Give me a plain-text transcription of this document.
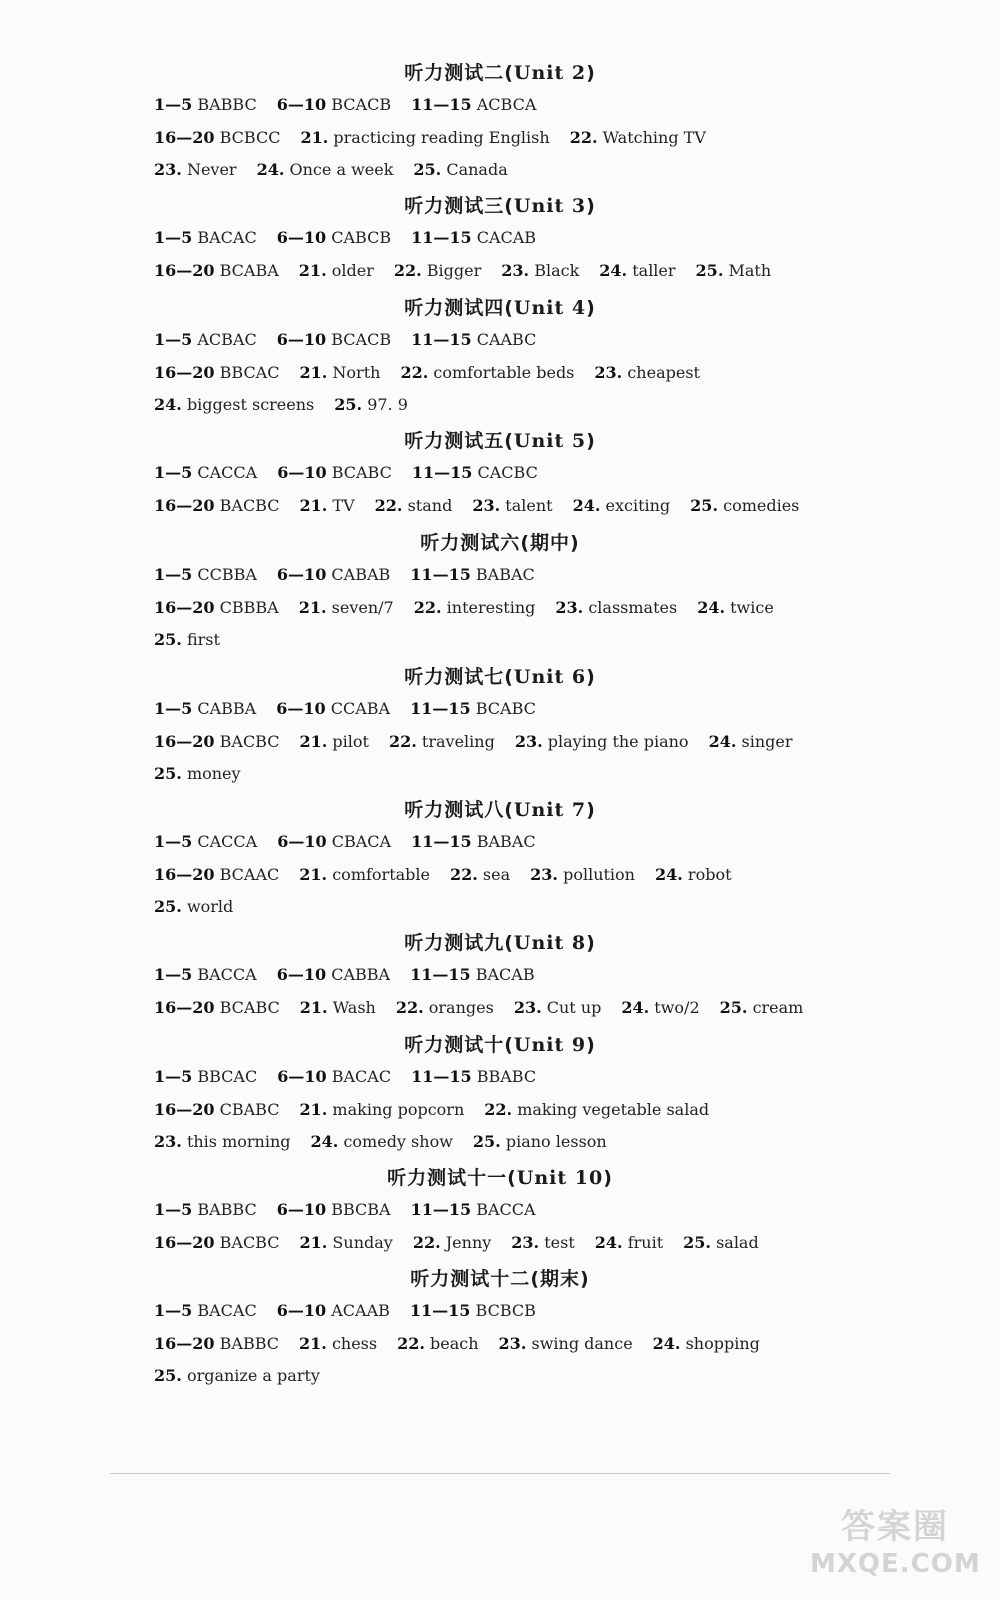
听力测试二(Unit 2)
1—5 BABBC 6—10 BCACB 11—15 ACBCA
16—20 BCBCC 21. practicing reading English 22. Watching TV
23. Never 24. Once a week 25. Canada
听力测试三(Unit 3)
1—5 BACAC 6—10 CABCB 11—15 CACAB
16—20 BCABA 21. older 22. Bigger 23. Black 24. taller 25. Math
听力测试四(Unit 4)
1—5 ACBAC 6—10 BCACB 11—15 CAABC
16—20 BBCAC 21. North 22. comfortable beds 23. cheapest
24. biggest screens 25. 97. 9
听力测试五(Unit 5)
1—5 CACCA 6—10 BCABC 11—15 CACBC
16—20 BACBC 21. TV 22. stand 23. talent 24. exciting 25. comedies
听力测试六(期中)
1—5 CCBBA 6—10 CABAB 11—15 BABAC
16—20 CBBBA 21. seven/7 22. interesting 23. classmates 24. twice
25. first
听力测试七(Unit 6)
1—5 CABBA 6—10 CCABA 11—15 BCABC
16—20 BACBC 21. pilot 22. traveling 23. playing the piano 24. singer
25. money
听力测试八(Unit 7)
1—5 CACCA 6—10 CBACA 11—15 BABAC
16—20 BCAAC 21. comfortable 22. sea 23. pollution 24. robot
25. world
听力测试九(Unit 8)
1—5 BACCA 6—10 CABBA 11—15 BACAB
16—20 BCABC 21. Wash 22. oranges 23. Cut up 24. two/2 25. cream
听力测试十(Unit 9)
1—5 BBCAC 6—10 BACAC 11—15 BBABC
16—20 CBABC 21. making popcorn 22. making vegetable salad
23. this morning 24. comedy show 25. piano lesson
听力测试十一(Unit 10)
1—5 BABBC 6—10 BBCBA 11—15 BACCA
16—20 BACBC 21. Sunday 22. Jenny 23. test 24. fruit 25. salad
听力测试十二(期末)
1—5 BACAC 6—10 ACAAB 11—15 BCBCB
16—20 BABBC 21. chess 22. beach 23. swing dance 24. shopping
25. organize a party
答案圈
MXQE.COM
